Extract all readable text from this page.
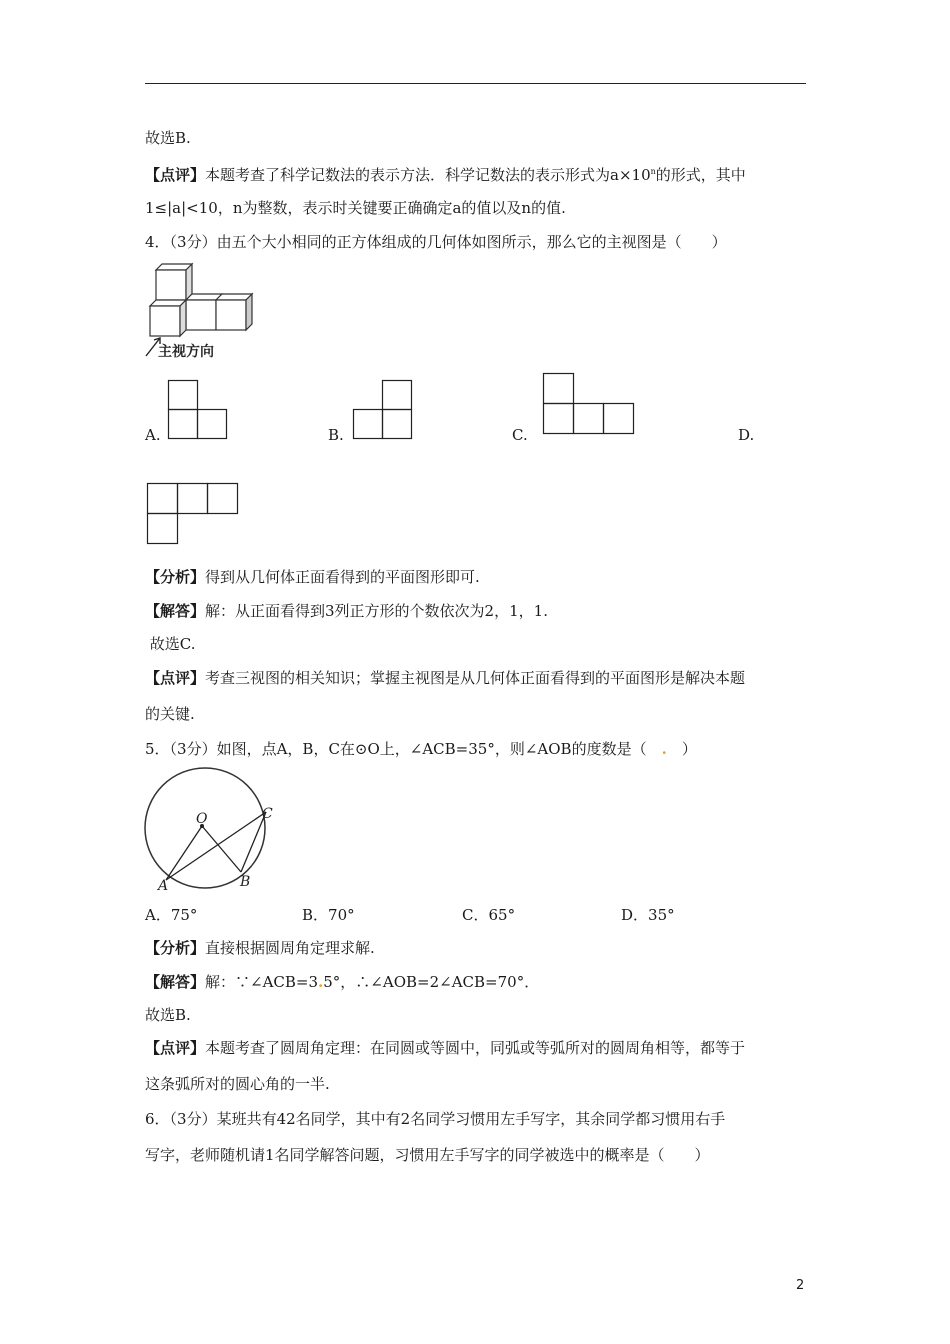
故选B.
【点评】本题考查了科学记数法的表示方法．科学记数法的表示形式为$a\times 10^n$的形式，其中
1≤|a|<10，n为整数，表示时关键要正确确定a的值以及n的值.
4．（3分）由五个大小相同的正方体组成的几何体如图所示，那么它的主视图是（　　）
主视方向
A.	B.	C.	D.
【分析】得到从几何体正面看得到的平面图形即可.
【解答】解：从正面看得到3列正方形的个数依次为2，1，1.
故选C.
【点评】考查三视图的相关知识；掌握主视图是从几何体正面看得到的平面图形是解决本题
的关键.
5．（3分）如图，点A，B，C在⊙O上，∠ACB=35°，则∠AOB的度数是（　.　）
O
A	B
C
A．75°	B．70°	C．65°	D．35°
【分析】直接根据圆周角定理求解.
【解答】解：∵∠ACB=3.5°，∴∠AOB=2∠ACB=70°．
故选B.
【点评】本题考查了圆周角定理：在同圆或等圆中，同弧或等弧所对的圆周角相等，都等于
这条弧所对的圆心角的一半.
6．（3分）某班共有42名同学，其中有2名同学习惯用左手写字，其余同学都习惯用右手
写字，老师随机请1名同学解答问题，习惯用左手写字的同学被选中的概率是（　　）
2
